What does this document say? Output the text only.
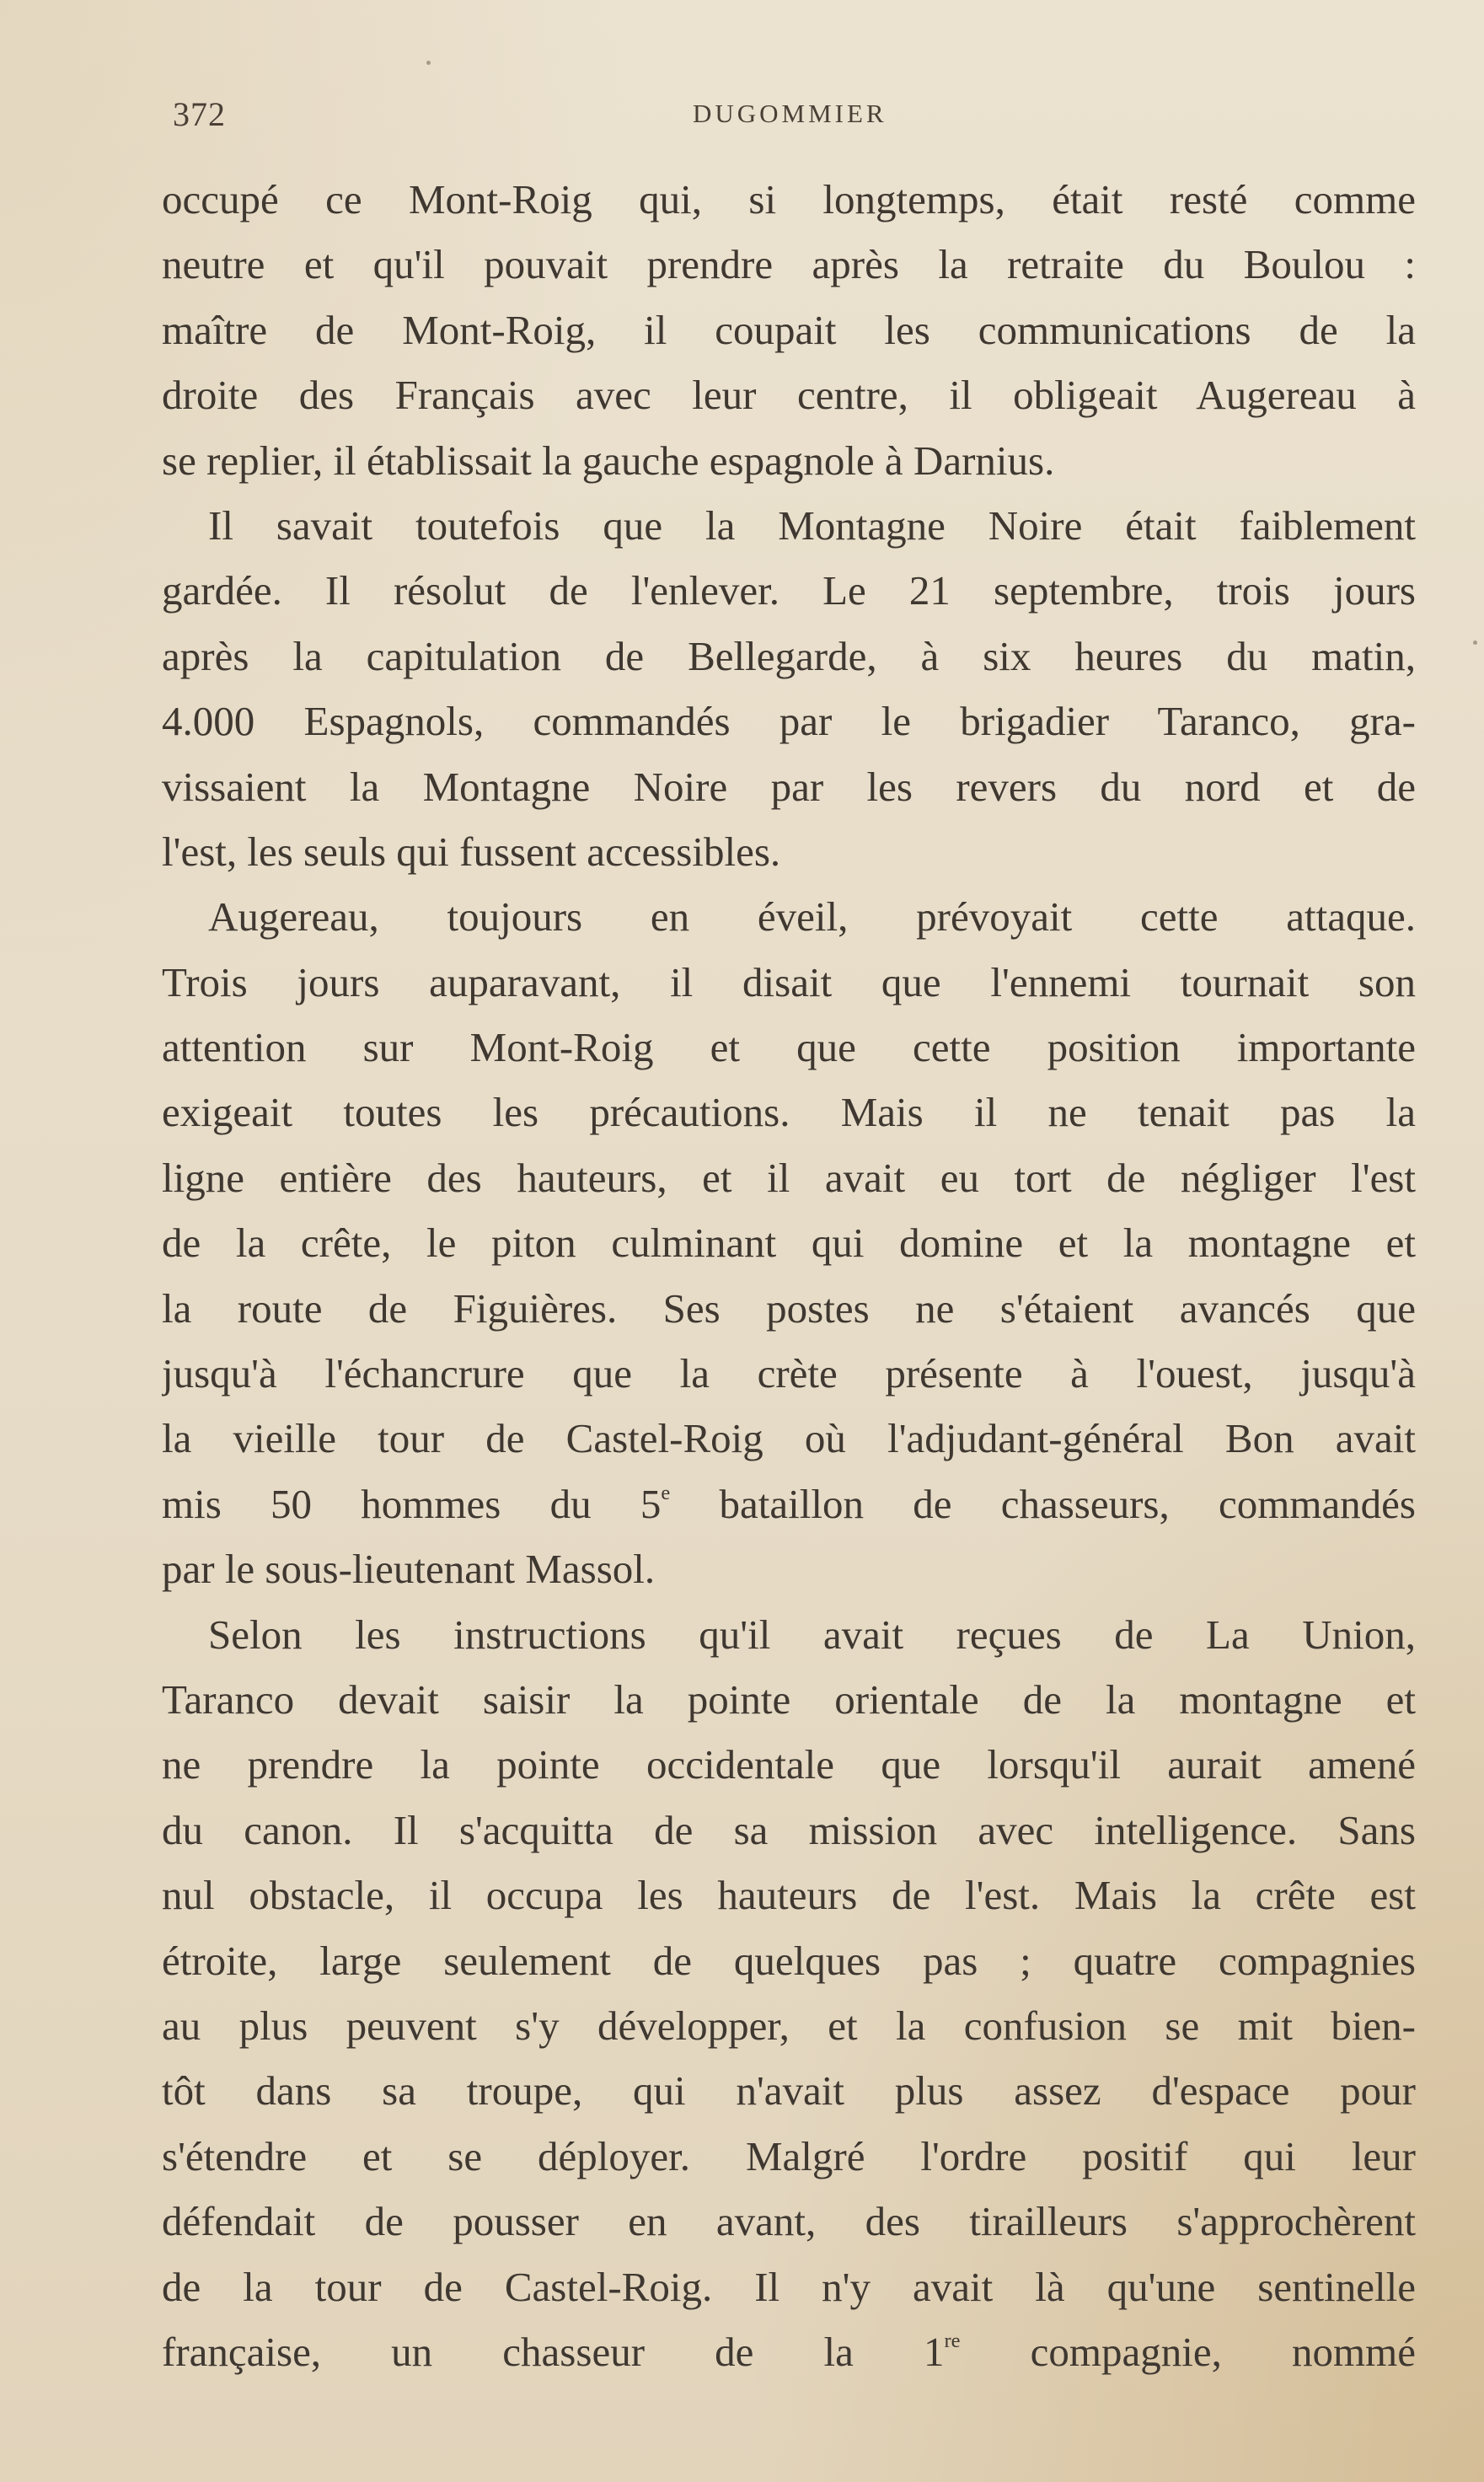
372	DUGOMMIER
occupé ce Mont-Roig qui, si longtemps, était resté comme
neutre et qu'il pouvait prendre après la retraite du Boulou :
maître de Mont-Roig, il coupait les communications de la
droite des Français avec leur centre, il obligeait Augereau à
se replier, il établissait la gauche espagnole à Darnius.
Il savait toutefois que la Montagne Noire était faiblement
gardée. Il résolut de l'enlever. Le 21 septembre, trois jours
après la capitulation de Bellegarde, à six heures du matin,
4.000 Espagnols, commandés par le brigadier Taranco, gra-
vissaient la Montagne Noire par les revers du nord et de
l'est, les seuls qui fussent accessibles.
Augereau, toujours en éveil, prévoyait cette attaque.
Trois jours auparavant, il disait que l'ennemi tournait son
attention sur Mont-Roig et que cette position importante
exigeait toutes les précautions. Mais il ne tenait pas la
ligne entière des hauteurs, et il avait eu tort de négliger l'est
de la crête, le piton culminant qui domine et la montagne et
la route de Figuières. Ses postes ne s'étaient avancés que
jusqu'à l'échancrure que la crète présente à l'ouest, jusqu'à
la vieille tour de Castel-Roig où l'adjudant-général Bon avait
mis 50 hommes du 5e bataillon de chasseurs, commandés
par le sous-lieutenant Massol.
Selon les instructions qu'il avait reçues de La Union,
Taranco devait saisir la pointe orientale de la montagne et
ne prendre la pointe occidentale que lorsqu'il aurait amené
du canon. Il s'acquitta de sa mission avec intelligence. Sans
nul obstacle, il occupa les hauteurs de l'est. Mais la crête est
étroite, large seulement de quelques pas ; quatre compagnies
au plus peuvent s'y développer, et la confusion se mit bien-
tôt dans sa troupe, qui n'avait plus assez d'espace pour
s'étendre et se déployer. Malgré l'ordre positif qui leur
défendait de pousser en avant, des tirailleurs s'approchèrent
de la tour de Castel-Roig. Il n'y avait là qu'une sentinelle
française, un chasseur de la 1re compagnie, nommé
